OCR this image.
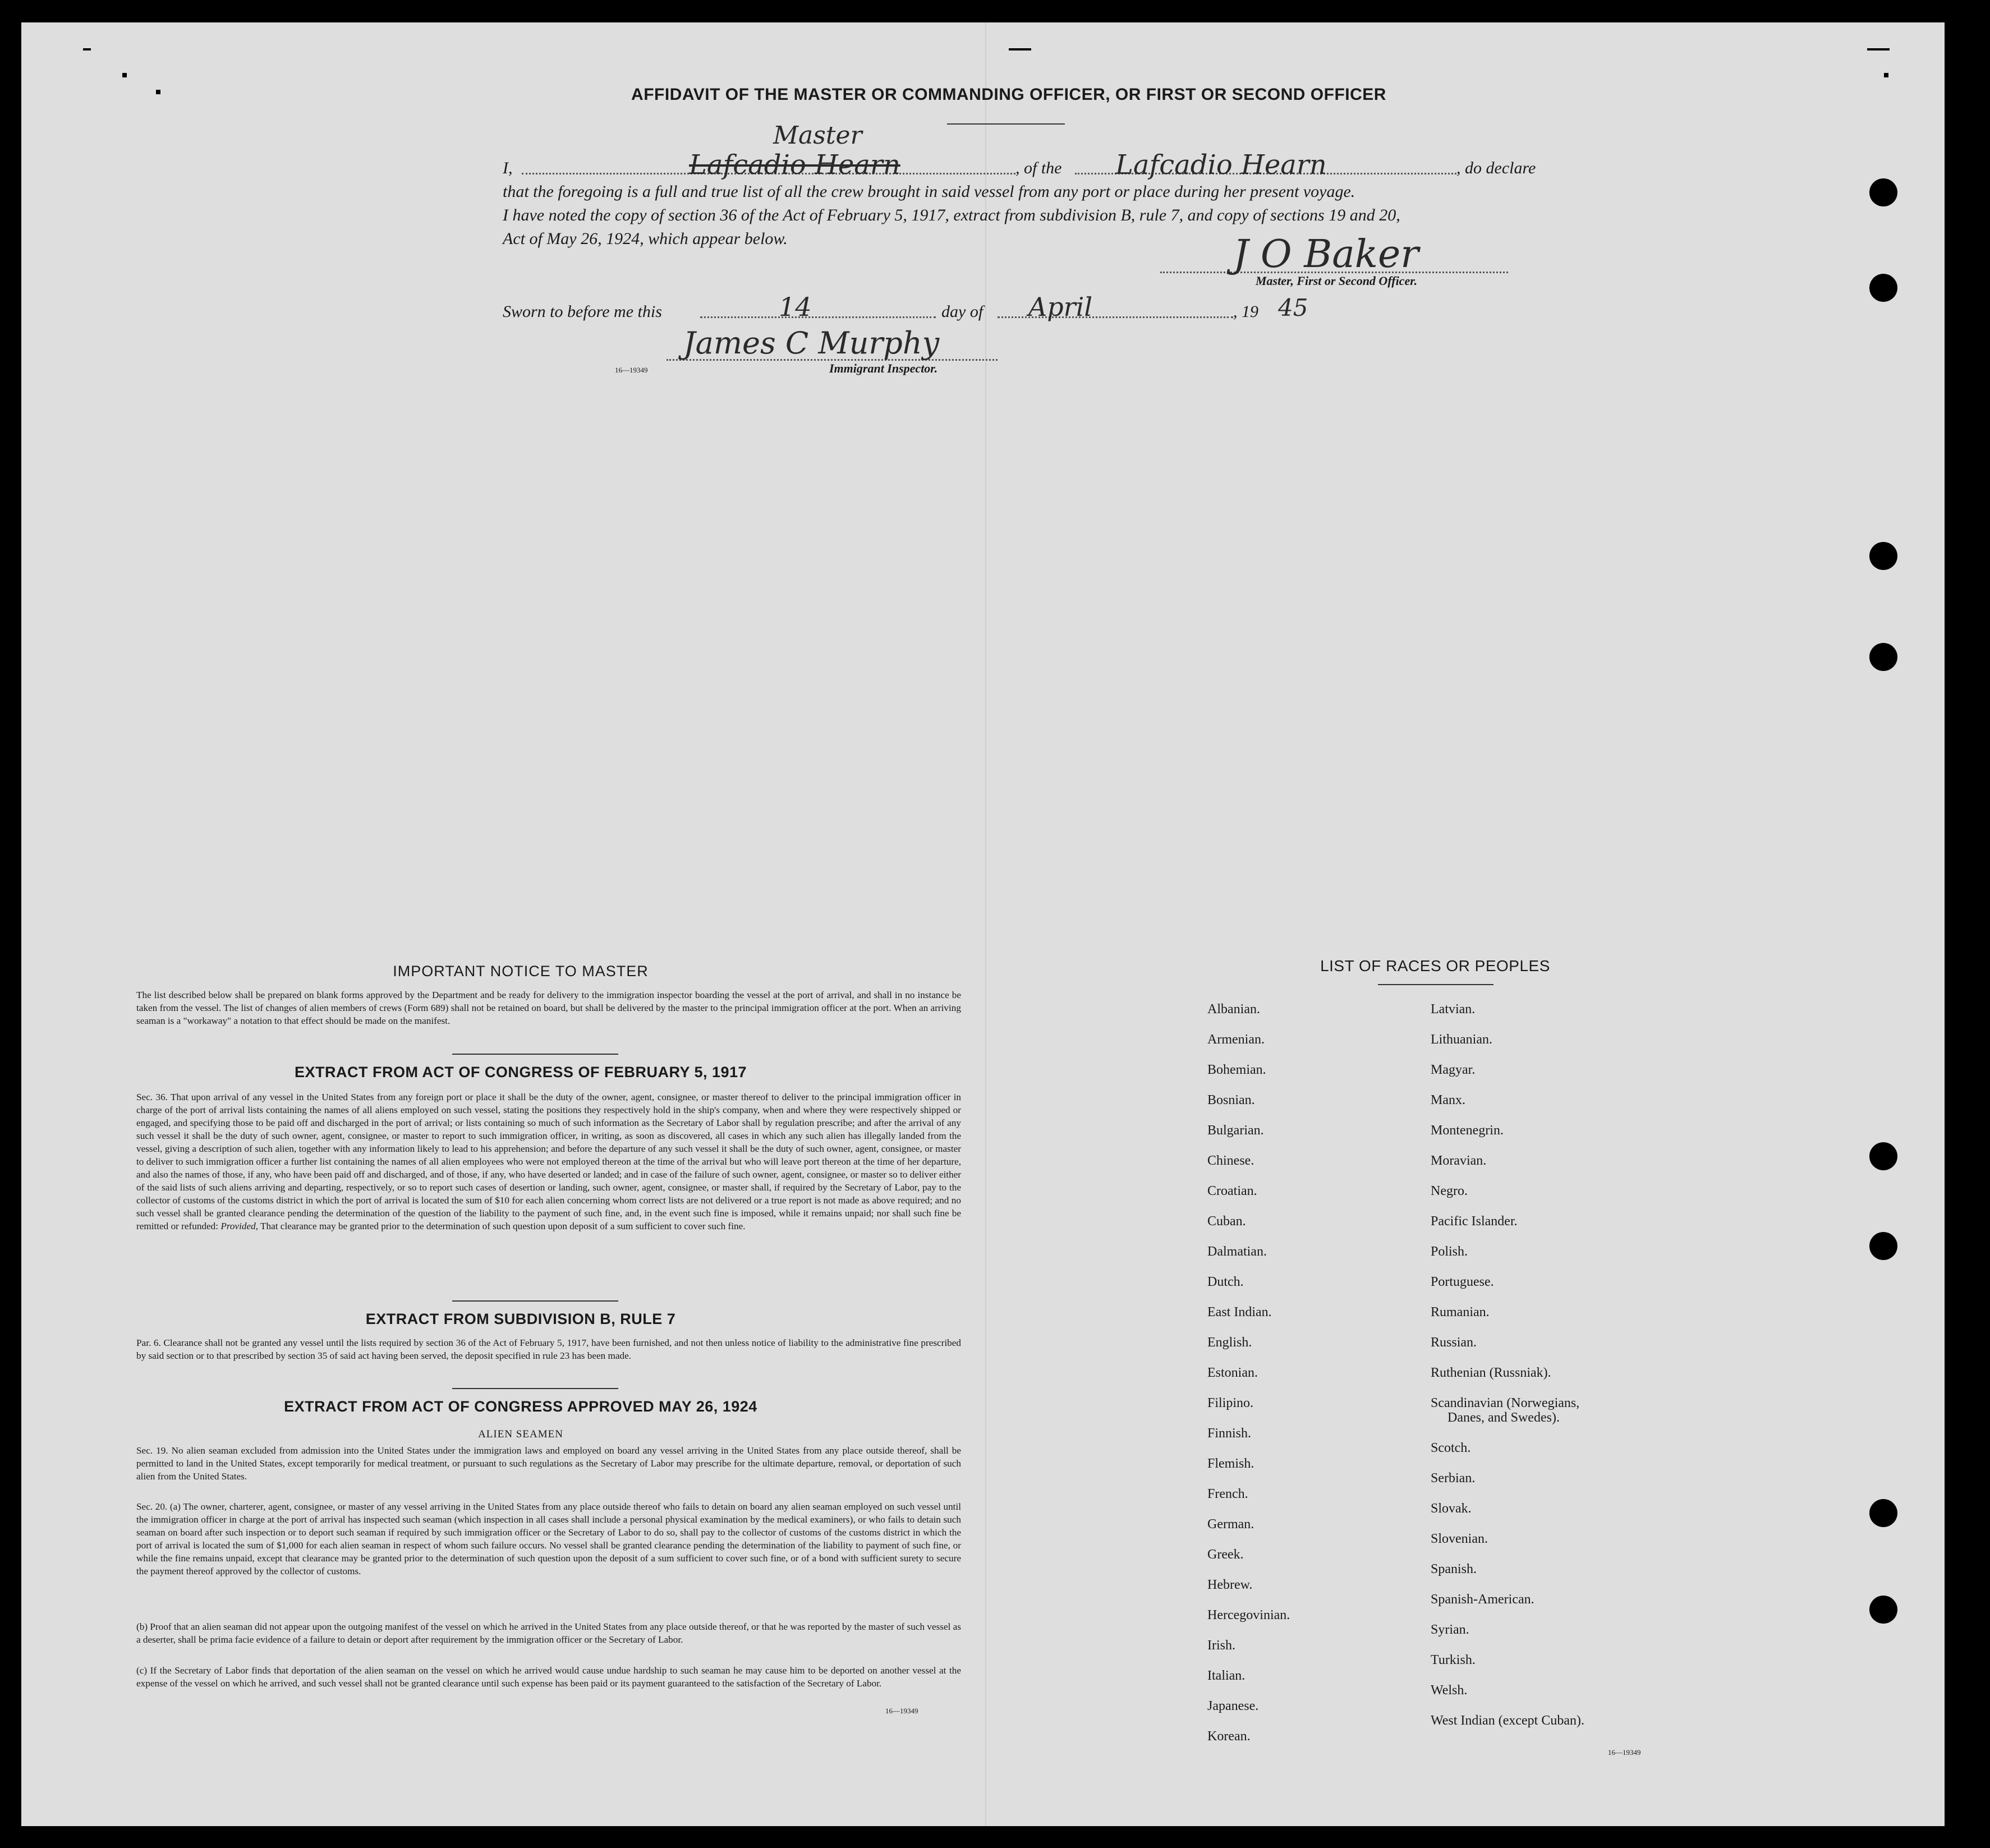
AFFIDAVIT OF THE MASTER OR COMMANDING OFFICER, OR FIRST OR SECOND OFFICER
I,
Master
Lafcadio Hearn	, of the Lafcadio Hearn	, do declare
that the foregoing is a full and true list of all the crew brought in said vessel from any port or place during her present voyage.
I have noted the copy of section 36 of the Act of February 5, 1917, extract from subdivision B, rule 7, and copy of sections 19 and 20,
Act of May 26, 1924, which appear below.	J O Baker
Master, First or Second Officer.
Sworn to before me this	14	day of April	, 19 45
James C Murphy
16—19349	Immigrant Inspector.
IMPORTANT NOTICE TO MASTER
The list described below shall be prepared on blank forms approved by the Department and be ready for delivery to the immigration inspector boarding the vessel at the port of arrival, and shall in no instance be taken from the vessel. The list of changes of alien members of crews (Form 689) shall not be retained on board, but shall be delivered by the master to the principal immigration officer at the port. When an arriving seaman is a "workaway" a notation to that effect should be made on the manifest.
EXTRACT FROM ACT OF CONGRESS OF FEBRUARY 5, 1917
Sec. 36. That upon arrival of any vessel in the United States from any foreign port or place it shall be the duty of the owner, agent, consignee, or master thereof to deliver to the principal immigration officer in charge of the port of arrival lists containing the names of all aliens employed on such vessel, stating the positions they respectively hold in the ship's company, when and where they were respectively shipped or engaged, and specifying those to be paid off and discharged in the port of arrival; or lists containing so much of such information as the Secretary of Labor shall by regulation prescribe; and after the arrival of any such vessel it shall be the duty of such owner, agent, consignee, or master to report to such immigration officer, in writing, as soon as discovered, all cases in which any such alien has illegally landed from the vessel, giving a description of such alien, together with any information likely to lead to his apprehension; and before the departure of any such vessel it shall be the duty of such owner, agent, consignee, or master to deliver to such immigration officer a further list containing the names of all alien employees who were not employed thereon at the time of the arrival but who will leave port thereon at the time of her departure, and also the names of those, if any, who have been paid off and discharged, and of those, if any, who have deserted or landed; and in case of the failure of such owner, agent, consignee, or master so to deliver either of the said lists of such aliens arriving and departing, respectively, or so to report such cases of desertion or landing, such owner, agent, consignee, or master shall, if required by the Secretary of Labor, pay to the collector of customs of the customs district in which the port of arrival is located the sum of $10 for each alien concerning whom correct lists are not delivered or a true report is not made as above required; and no such vessel shall be granted clearance pending the determination of the question of the liability to the payment of such fine, and, in the event such fine is imposed, while it remains unpaid; nor shall such fine be remitted or refunded: Provided, That clearance may be granted prior to the determination of such question upon deposit of a sum sufficient to cover such fine.
EXTRACT FROM SUBDIVISION B, RULE 7
Par. 6. Clearance shall not be granted any vessel until the lists required by section 36 of the Act of February 5, 1917, have been furnished, and not then unless notice of liability to the administrative fine prescribed by said section or to that prescribed by section 35 of said act having been served, the deposit specified in rule 23 has been made.
EXTRACT FROM ACT OF CONGRESS APPROVED MAY 26, 1924
ALIEN SEAMEN
Sec. 19. No alien seaman excluded from admission into the United States under the immigration laws and employed on board any vessel arriving in the United States from any place outside thereof, shall be permitted to land in the United States, except temporarily for medical treatment, or pursuant to such regulations as the Secretary of Labor may prescribe for the ultimate departure, removal, or deportation of such alien from the United States.
Sec. 20. (a) The owner, charterer, agent, consignee, or master of any vessel arriving in the United States from any place outside thereof who fails to detain on board any alien seaman employed on such vessel until the immigration officer in charge at the port of arrival has inspected such seaman (which inspection in all cases shall include a personal physical examination by the medical examiners), or who fails to detain such seaman on board after such inspection or to deport such seaman if required by such immigration officer or the Secretary of Labor to do so, shall pay to the collector of customs of the customs district in which the port of arrival is located the sum of $1,000 for each alien seaman in respect of whom such failure occurs. No vessel shall be granted clearance pending the determination of the liability to payment of such fine, or while the fine remains unpaid, except that clearance may be granted prior to the determination of such question upon the deposit of a sum sufficient to cover such fine, or of a bond with sufficient surety to secure the payment thereof approved by the collector of customs.
(b) Proof that an alien seaman did not appear upon the outgoing manifest of the vessel on which he arrived in the United States from any place outside thereof, or that he was reported by the master of such vessel as a deserter, shall be prima facie evidence of a failure to detain or deport after requirement by the immigration officer or the Secretary of Labor.
(c) If the Secretary of Labor finds that deportation of the alien seaman on the vessel on which he arrived would cause undue hardship to such seaman he may cause him to be deported on another vessel at the expense of the vessel on which he arrived, and such vessel shall not be granted clearance until such expense has been paid or its payment guaranteed to the satisfaction of the Secretary of Labor.
16—19349
LIST OF RACES OR PEOPLES
Albanian.
Armenian.
Bohemian.
Bosnian.
Bulgarian.
Chinese.
Croatian.
Cuban.
Dalmatian.
Dutch.
East Indian.
English.
Estonian.
Filipino.
Finnish.
Flemish.
French.
German.
Greek.
Hebrew.
Hercegovinian.
Irish.
Italian.
Japanese.
Korean.
Latvian.
Lithuanian.
Magyar.
Manx.
Montenegrin.
Moravian.
Negro.
Pacific Islander.
Polish.
Portuguese.
Rumanian.
Russian.
Ruthenian (Russniak).
Scandinavian (Norwegians,
Danes, and Swedes).
Scotch.
Serbian.
Slovak.
Slovenian.
Spanish.
Spanish-American.
Syrian.
Turkish.
Welsh.
West Indian (except Cuban).
16—19349
